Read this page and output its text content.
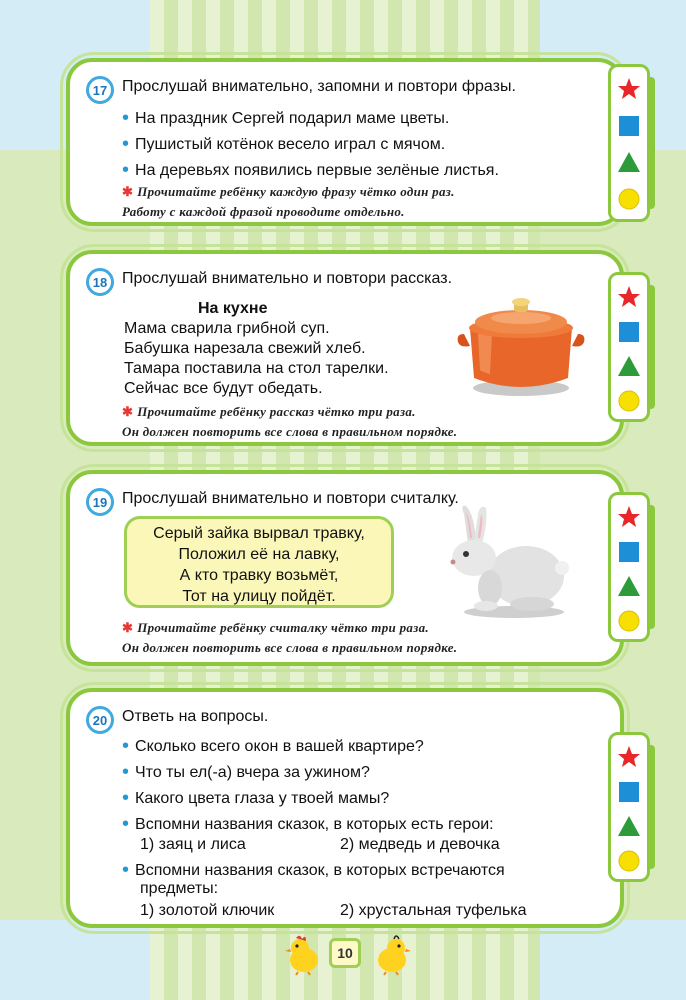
17 Прослушай внимательно, запомни и повтори фразы.
• На праздник Сергей подарил маме цветы.
• Пушистый котёнок весело играл с мячом.
• На деревьях появились первые зелёные листья.
✱ Прочитайте ребёнку каждую фразу чётко один раз.
Работу с каждой фразой проводите отдельно.
18 Прослушай внимательно и повтори рассказ.
На кухне
Мама сварила грибной суп.
Бабушка нарезала свежий хлеб.
Тамара поставила на стол тарелки.
Сейчас все будут обедать.
✱ Прочитайте ребёнку рассказ чётко три раза.
Он должен повторить все слова в правильном порядке.
19 Прослушай внимательно и повтори считалку.
Серый зайка вырвал травку,
Положил её на лавку,
А кто травку возьмёт,
Тот на улицу пойдёт.
✱ Прочитайте ребёнку считалку чётко три раза.
Он должен повторить все слова в правильном порядке.
20 Ответь на вопросы.
• Сколько всего окон в вашей квартире?
• Что ты ел(-а) вчера за ужином?
• Какого цвета глаза у твоей мамы?
• Вспомни названия сказок, в которых есть герои:
1) заяц и лиса	2) медведь и девочка
• Вспомни названия сказок, в которых встречаются
предметы:
1) золотой ключик	2) хрустальная туфелька
10
